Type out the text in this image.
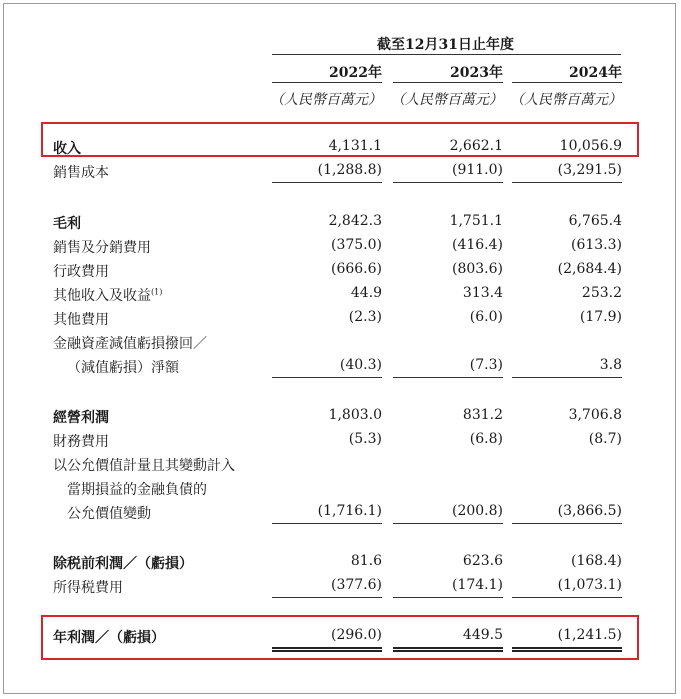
截至12月31日止年度
2022年	2023年	2024年
（人民幣百萬元） （人民幣百萬元） （人民幣百萬元）
收入	4,131.1	2,662.1	10,056.9
銷售成本	(1,288.8)	(911.0)	(3,291.5)
毛利	2,842.3	1,751.1	6,765.4
銷售及分銷費用	(375.0)	(416.4)	(613.3)
行政費用	(666.6)	(803.6)	(2,684.4)
其他收入及收益$^{(1)}$	44.9	313.4	253.2
其他費用	(2.3)	(6.0)	(17.9)
金融資產減值虧損撥回／
（減值虧損）淨額	(40.3)	(7.3)	3.8
經營利潤	1,803.0	831.2	3,706.8
財務費用	(5.3)	(6.8)	(8.7)
以公允價值計量且其變動計入
當期損益的金融負債的
公允價值變動	(1,716.1)	(200.8)	(3,866.5)
除税前利潤／（虧損）	81.6	623.6	(168.4)
所得税費用	(377.6)	(174.1)	(1,073.1)
年利潤／（虧損）	(296.0)	449.5	(1,241.5)
